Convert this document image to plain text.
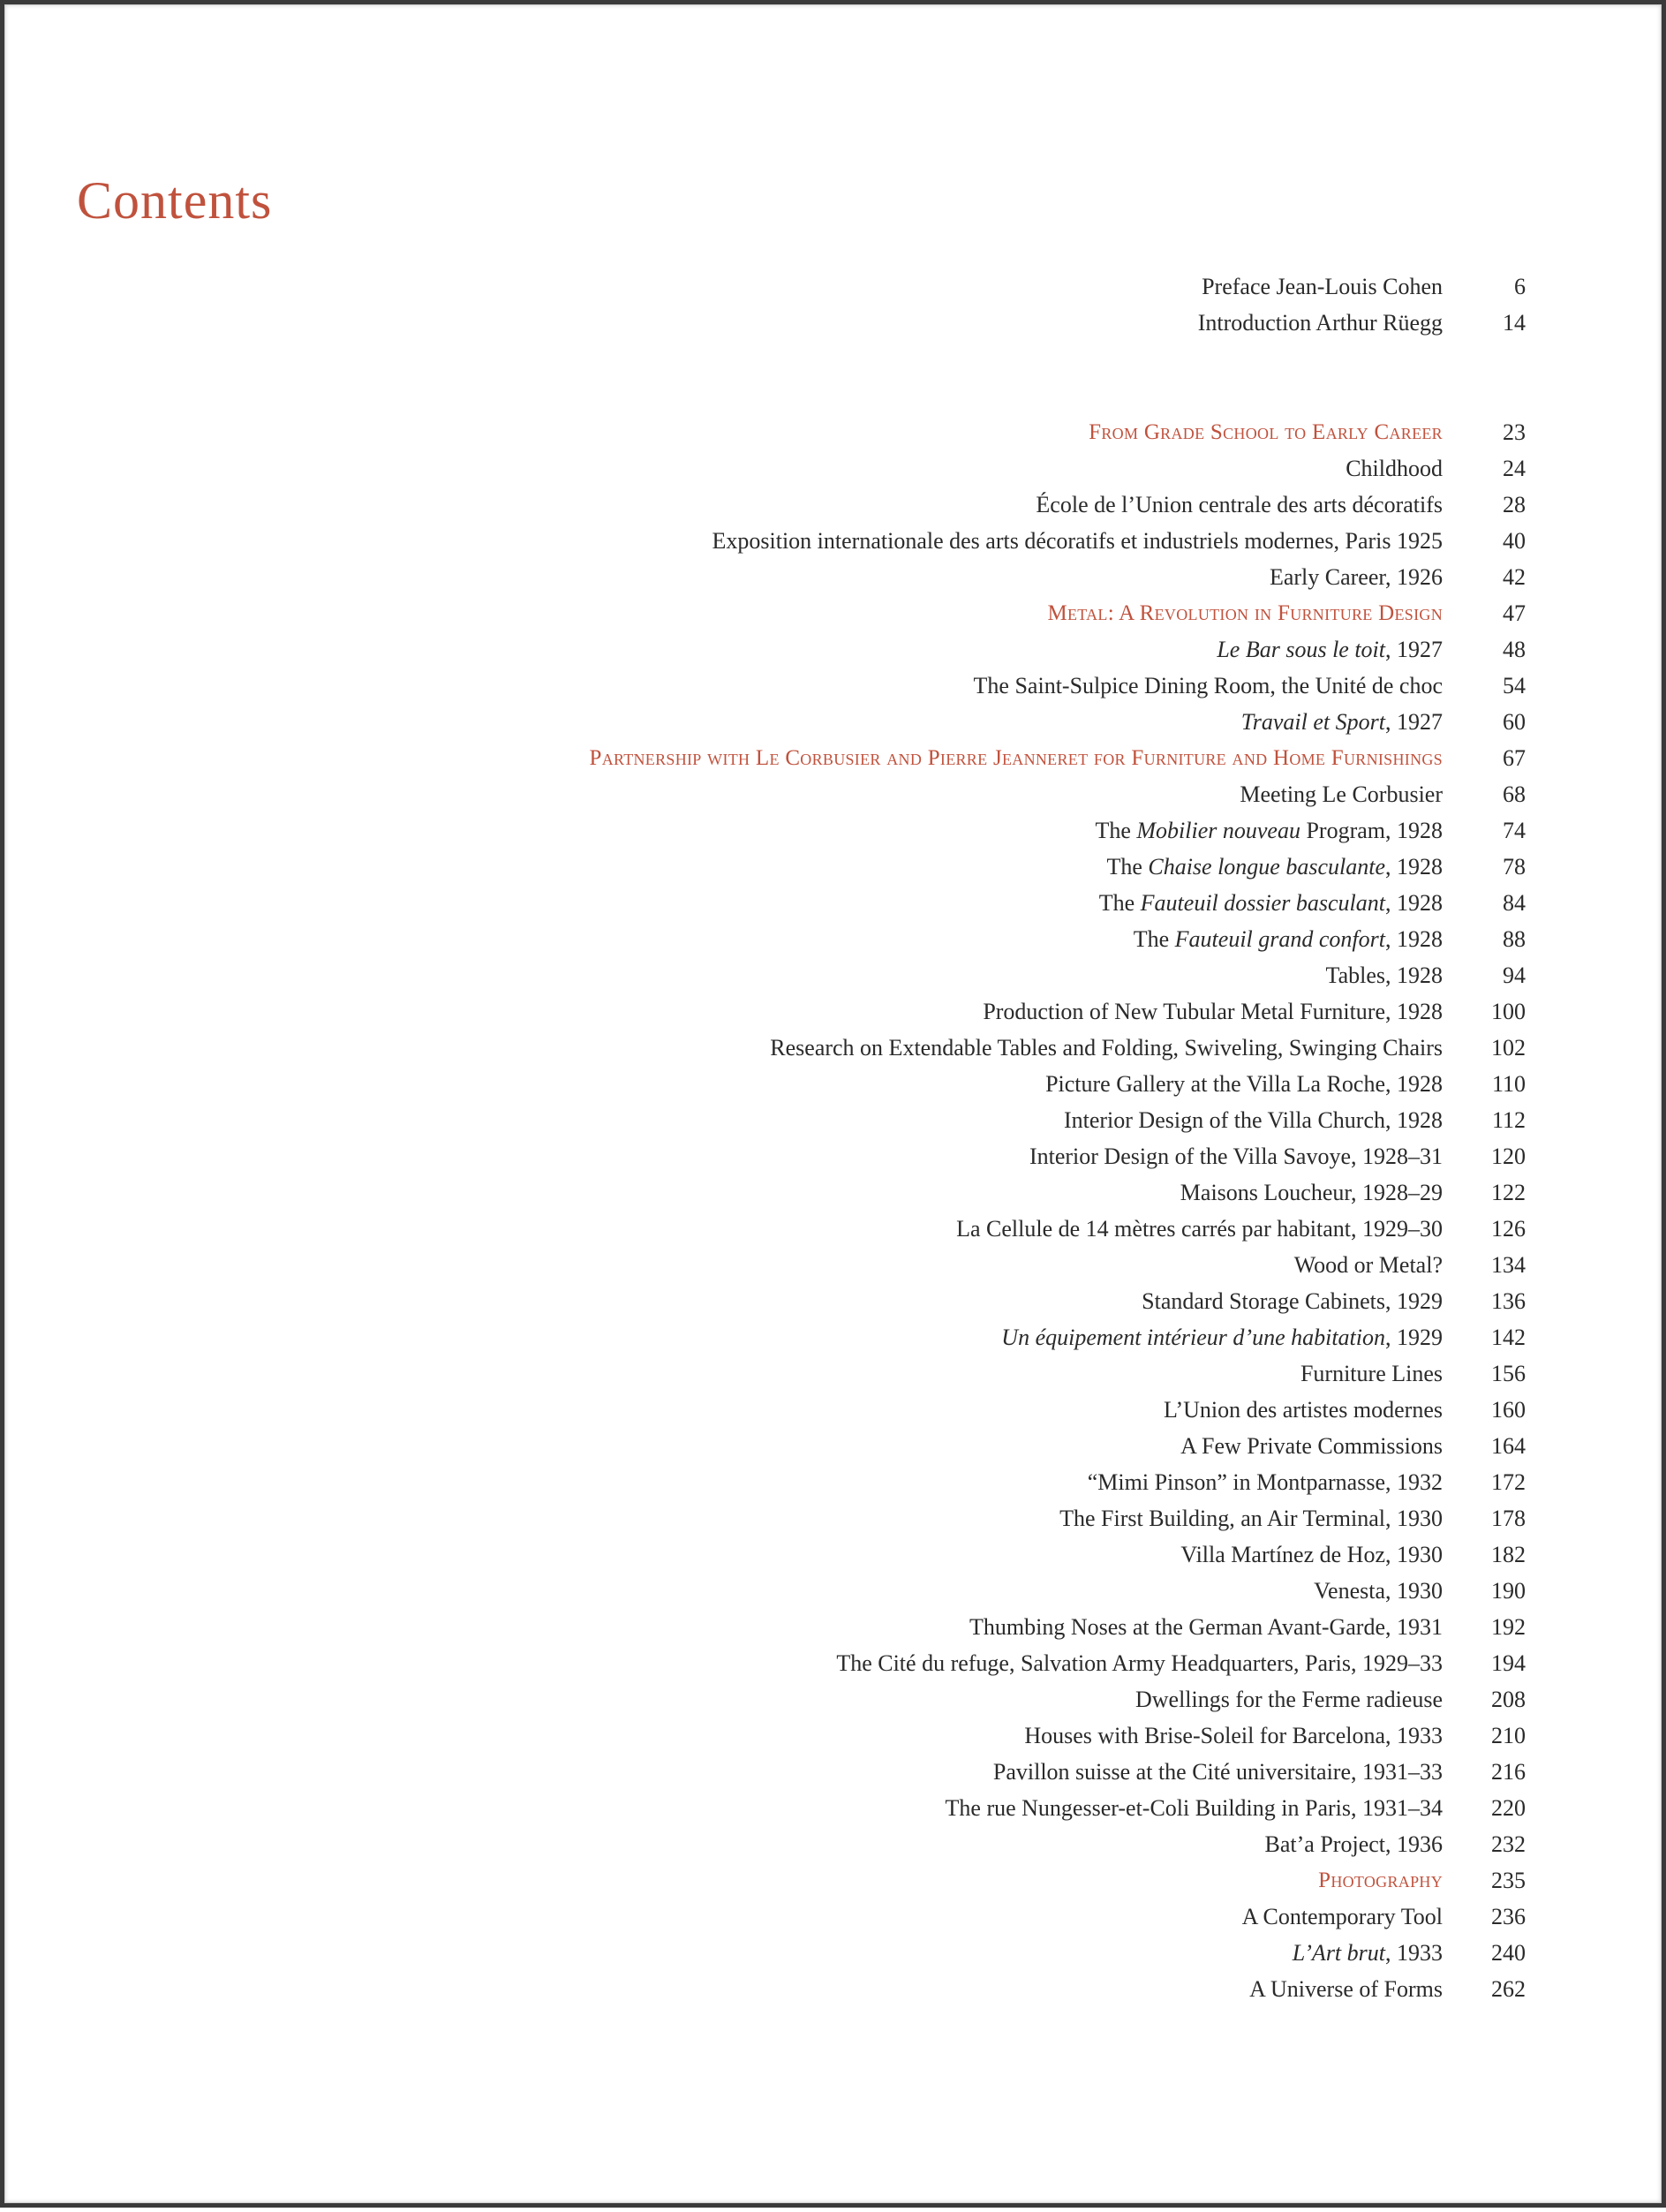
Contents
Preface Jean-Louis Cohen	6
Introduction Arthur Rüegg	14
From Grade School to Early Career	23
Childhood	24
École de l’Union centrale des arts décoratifs	28
Exposition internationale des arts décoratifs et industriels modernes, Paris 1925	40
Early Career, 1926	42
Metal: A Revolution in Furniture Design	47
Le Bar sous le toit, 1927	48
The Saint-Sulpice Dining Room, the Unité de choc	54
Travail et Sport, 1927	60
Partnership with Le Corbusier and Pierre Jeanneret for Furniture and Home Furnishings	67
Meeting Le Corbusier	68
The Mobilier nouveau Program, 1928	74
The Chaise longue basculante, 1928	78
The Fauteuil dossier basculant, 1928	84
The Fauteuil grand confort, 1928	88
Tables, 1928	94
Production of New Tubular Metal Furniture, 1928 100
Research on Extendable Tables and Folding, Swiveling, Swinging Chairs 102
Picture Gallery at the Villa La Roche, 1928 110
Interior Design of the Villa Church, 1928 112
Interior Design of the Villa Savoye, 1928–31 120
Maisons Loucheur, 1928–29 122
La Cellule de 14 mètres carrés par habitant, 1929–30 126
Wood or Metal? 134
Standard Storage Cabinets, 1929 136
Un équipement intérieur d’une habitation, 1929 142
Furniture Lines 156
L’Union des artistes modernes 160
A Few Private Commissions 164
“Mimi Pinson” in Montparnasse, 1932 172
The First Building, an Air Terminal, 1930 178
Villa Martínez de Hoz, 1930 182
Venesta, 1930 190
Thumbing Noses at the German Avant-Garde, 1931 192
The Cité du refuge, Salvation Army Headquarters, Paris, 1929–33 194
Dwellings for the Ferme radieuse 208
Houses with Brise-Soleil for Barcelona, 1933 210
Pavillon suisse at the Cité universitaire, 1931–33 216
The rue Nungesser-et-Coli Building in Paris, 1931–34 220
Bat’a Project, 1936 232
Photography 235
A Contemporary Tool 236
L’Art brut, 1933 240
A Universe of Forms 262
